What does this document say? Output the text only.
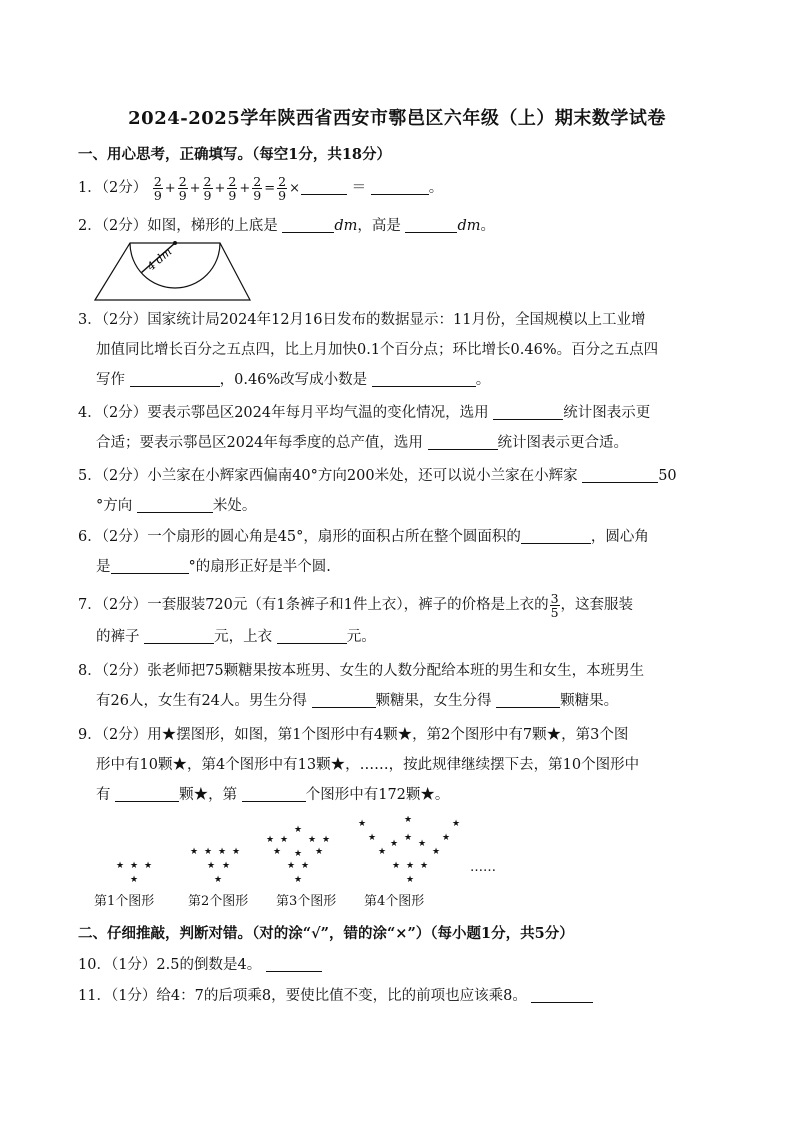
2024-2025学年陕西省西安市鄠邑区六年级（上）期末数学试卷
一、用心思考，正确填写。（每空1分，共18分）
1．（2分） $\frac{2}{9} + \frac{2}{9} + \frac{2}{9} + \frac{2}{9} + \frac{2}{9} = \frac{2}{9}$ ×	＝	。
2．（2分）如图，梯形的上底是	dm，高是	dm。
4 dm
3．（2分）国家统计局2024年12月16日发布的数据显示：11月份，全国规模以上工业增
加值同比增长百分之五点四，比上月加快0.1个百分点；环比增长0.46%。百分之五点四
写作	，0.46%改写成小数是	。
4．（2分）要表示鄠邑区2024年每月平均气温的变化情况，选用	统计图表示更
合适；要表示鄠邑区2024年每季度的总产值，选用	统计图表示更合适。
5．（2分）小兰家在小辉家西偏南40°方向200米处，还可以说小兰家在小辉家	50
°方向	米处。
6．（2分）一个扇形的圆心角是45°，扇形的面积占所在整个圆面积的	，圆心角
是	°的扇形正好是半个圆.
7．（2分）一套服装720元（有1条裤子和1件上衣），裤子的价格是上衣的 $\frac{3}{5}$ ，这套服装
的裤子	元，上衣	元。
8．（2分）张老师把75颗糖果按本班男、女生的人数分配给本班的男生和女生，本班男生
有26人，女生有24人。男生分得	颗糖果，女生分得	颗糖果。
9．（2分）用★摆图形，如图，第1个图形中有4颗★，第2个图形中有7颗★，第3个图
形中有10颗★，第4个图形中有13颗★，……，按此规律继续摆下去，第10个图形中
有	颗★，第	个图形中有172颗★。
★ ★ ★
★
★ ★ ★ ★
★ ★
★
★ ★ ★ ★
★	★
★
★ ★
★
★
★	★
★	★
★	★
★
★
★ ★
★ ★ ★
★
第1个图形	第2个图形 第3个图形 第4个图形
……
二、仔细推敲，判断对错。（对的涂“√”，错的涂“×”）（每小题1分，共5分）
10．（1分）2.5的倒数是4。
11．（1分）给4：7的后项乘8，要使比值不变，比的前项也应该乘8。
